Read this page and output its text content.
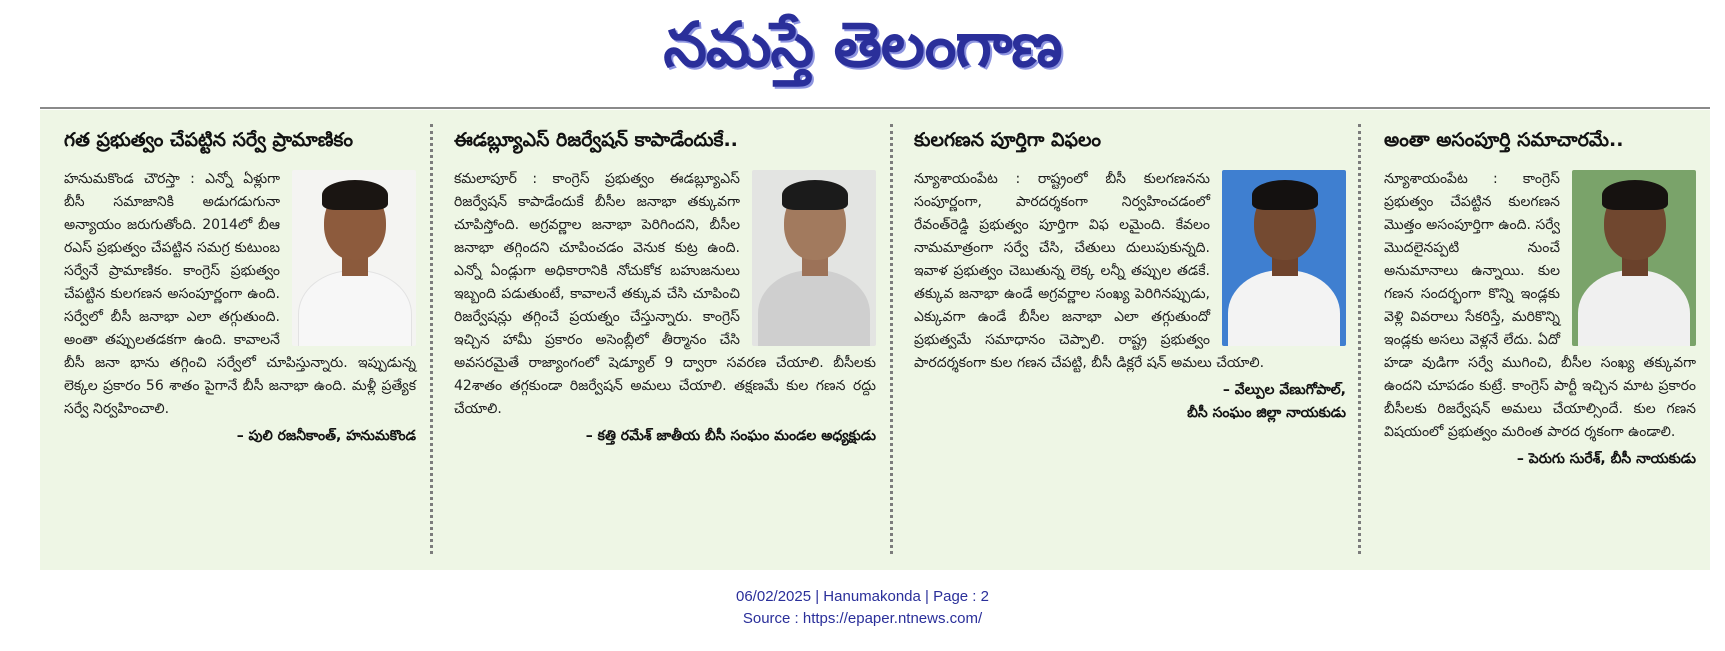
నమస్తే తెలంగాణ
గత ప్రభుత్వం చేపట్టిన సర్వే ప్రామాణికం

హనుమకొండ చౌరస్తా : ఎన్నో ఏళ్లుగా బీసీ సమాజానికి అడుగడుగునా అన్యాయం జరుగుతోంది. 2014లో బీఆ రఎస్ ప్రభుత్వం చేపట్టిన సమగ్ర కుటుంబ సర్వేనే ప్రామాణికం. కాంగ్రెస్ ప్రభుత్వం చేపట్టిన కులగణన అసంపూర్ణంగా ఉంది. సర్వేలో బీసీ జనాభా ఎలా తగ్గుతుంది. అంతా తప్పులతడకగా ఉంది. కావాలనే బీసీ జనా భాను తగ్గించి సర్వేలో చూపిస్తున్నారు. ఇప్పుడున్న లెక్కల ప్రకారం 56 శాతం పైగానే బీసీ జనాభా ఉంది. మళ్లీ ప్రత్యేక సర్వే నిర్వహించాలి.

– పులి రజనీకాంత్, హనుమకొండ
ఈడబ్ల్యూఎస్ రిజర్వేషన్ కాపాడేందుకే..

కమలాపూర్ : కాంగ్రెస్ ప్రభుత్వం ఈడబ్ల్యూఎస్ రిజర్వేషన్ కాపాడేందుకే బీసీల జనాభా తక్కువగా చూపిస్తోంది. అగ్రవర్ణాల జనాభా పెరిగిందని, బీసీల జనాభా తగ్గిందని చూపించడం వెనుక కుట్ర ఉంది. ఎన్నో ఏండ్లుగా అధికారానికి నోచుకోక బహుజనులు ఇబ్బంది పడుతుంటే, కావాలనే తక్కువ చేసి చూపించి రిజర్వేషన్లు తగ్గించే ప్రయత్నం చేస్తున్నారు. కాంగ్రెస్ ఇచ్చిన హామీ ప్రకారం అసెంబ్లీలో తీర్మానం చేసి అవసరమైతే రాజ్యాంగంలో షెడ్యూల్ 9 ద్వారా సవరణ చేయాలి. బీసీలకు 42శాతం తగ్గకుండా రిజర్వేషన్ అమలు చేయాలి. తక్షణమే కుల గణన రద్దు చేయాలి.

– కత్తి రమేశ్ జాతీయ బీసీ సంఘం మండల అధ్యక్షుడు
కులగణన పూర్తిగా విఫలం

న్యూశాయంపేట : రాష్ట్రంలో బీసీ కులగణనను సంపూర్ణంగా, పారదర్శకంగా నిర్వహించడంలో రేవంత్‌రెడ్డి ప్రభుత్వం పూర్తిగా విఫ లమైంది. కేవలం నామమాత్రంగా సర్వే చేసి, చేతులు దులుపుకున్నది. ఇవాళ ప్రభుత్వం చెబుతున్న లెక్క లన్నీ తప్పుల తడకే. తక్కువ జనాభా ఉండే అగ్రవర్ణాల సంఖ్య పెరిగినప్పుడు, ఎక్కువగా ఉండే బీసీల జనాభా ఎలా తగ్గుతుందో ప్రభుత్వమే సమాధానం చెప్పాలి. రాష్ట్ర ప్రభుత్వం పారదర్శకంగా కుల గణన చేపట్టి, బీసీ డిక్లరే షన్ అమలు చేయాలి.

– వేల్పుల వేణుగోపాల్,
బీసీ సంఘం జిల్లా నాయకుడు
అంతా అసంపూర్తి సమాచారమే..

న్యూశాయంపేట : కాంగ్రెస్ ప్రభుత్వం చేపట్టిన కులగణన మొత్తం అసంపూర్తిగా ఉంది. సర్వే మొదలైనప్పటి నుంచే అనుమానాలు ఉన్నాయి. కుల గణన సందర్భంగా కొన్ని ఇండ్లకు వెళ్లి వివరాలు సేకరిస్తే, మరికొన్ని ఇండ్లకు అసలు వెళ్లనే లేదు. ఏదో హడా వుడిగా సర్వే ముగించి, బీసీల సంఖ్య తక్కువగా ఉందని చూపడం కుట్రే. కాంగ్రెస్ పార్టీ ఇచ్చిన మాట ప్రకారం బీసీలకు రిజర్వేషన్ అమలు చేయాల్సిందే. కుల గణన విషయంలో ప్రభుత్వం మరింత పారద ర్శకంగా ఉండాలి.

– పెరుగు సురేశ్, బీసీ నాయకుడు
06/02/2025 | Hanumakonda | Page : 2
Source : https://epaper.ntnews.com/
